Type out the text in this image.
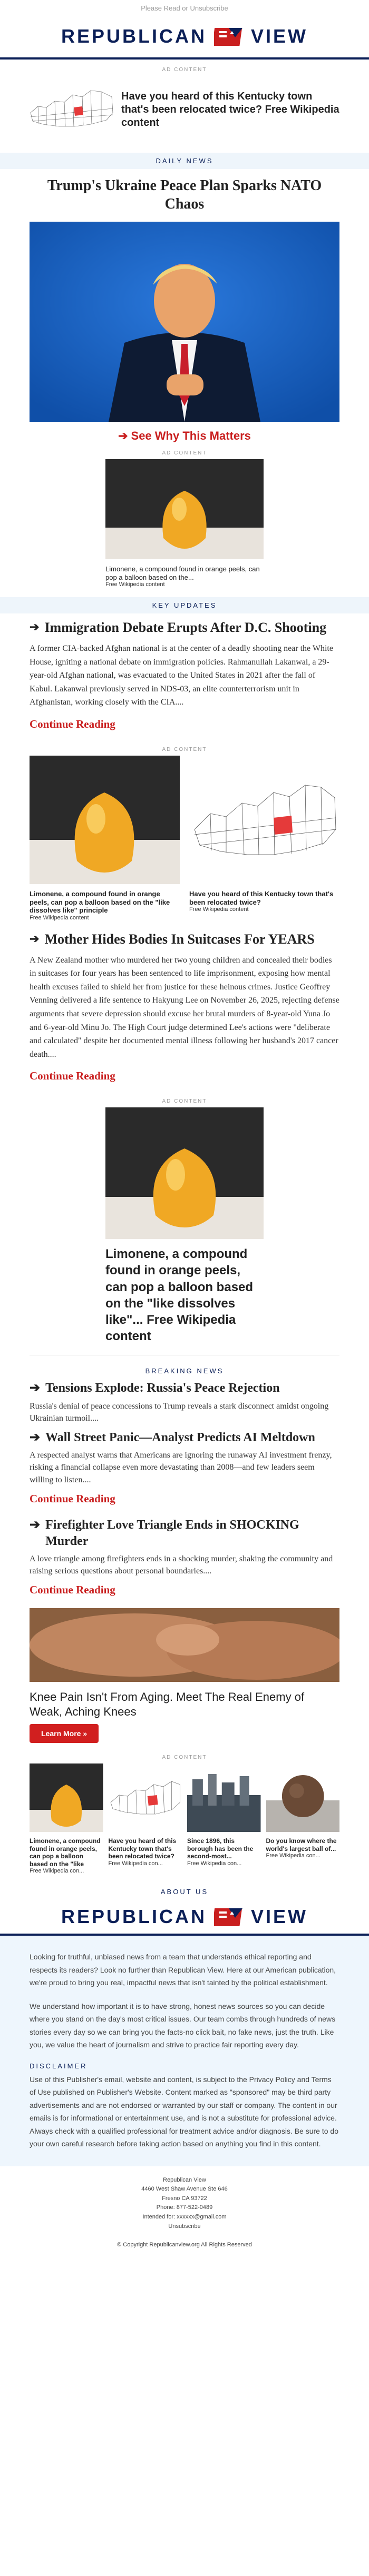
Please Read or Unsubscribe
REPUBLICAN VIEW
AD CONTENT
Have you heard of this Kentucky town that's been relocated twice? Free Wikipedia content
DAILY NEWS
Trump's Ukraine Peace Plan Sparks NATO Chaos
➔ See Why This Matters
AD CONTENT
Limonene, a compound found in orange peels, can pop a balloon based on the...
Free Wikipedia content
KEY UPDATES
➔ Immigration Debate Erupts After D.C. Shooting

A former CIA-backed Afghan national is at the center of a deadly shooting near the White House, igniting a national debate on immigration policies. Rahmanullah Lakanwal, a 29-year-old Afghan national, was evacuated to the United States in 2021 after the fall of Kabul. Lakanwal previously served in NDS-03, an elite counterterrorism unit in Afghanistan, working closely with the CIA....

Continue Reading
AD CONTENT
Limonene, a compound found in orange peels, can pop a balloon based on the "like dissolves like" principle
Free Wikipedia content
Have you heard of this Kentucky town that's been relocated twice?
Free Wikipedia content
➔ Mother Hides Bodies In Suitcases For YEARS

A New Zealand mother who murdered her two young children and concealed their bodies in suitcases for four years has been sentenced to life imprisonment, exposing how mental health excuses failed to shield her from justice for these heinous crimes. Justice Geoffrey Venning delivered a life sentence to Hakyung Lee on November 26, 2025, rejecting defense arguments that severe depression should excuse her brutal murders of 8-year-old Yuna Jo and 6-year-old Minu Jo. The High Court judge determined Lee's actions were "deliberate and calculated" despite her documented mental illness following her husband's 2017 cancer death....

Continue Reading
AD CONTENT
Limonene, a compound found in orange peels, can pop a balloon based on the "like dissolves like"... Free Wikipedia content
BREAKING NEWS
➔ Tensions Explode: Russia's Peace Rejection

Russia's denial of peace concessions to Trump reveals a stark disconnect amidst ongoing Ukrainian turmoil....

➔ Wall Street Panic—Analyst Predicts AI Meltdown

A respected analyst warns that Americans are ignoring the runaway AI investment frenzy, risking a financial collapse even more devastating than 2008—and few leaders seem willing to listen....

Continue Reading
➔ Firefighter Love Triangle Ends in SHOCKING Murder

A love triangle among firefighters ends in a shocking murder, shaking the community and raising serious questions about personal boundaries....

Continue Reading
Knee Pain Isn't From Aging. Meet The Real Enemy of Weak, Aching Knees
Learn More »
AD CONTENT
Limonene, a compound found in orange peels, can pop a balloon based on the "like
Free Wikipedia con...
Have you heard of this Kentucky town that's been relocated twice?
Free Wikipedia con...
Since 1896, this borough has been the second-most...
Free Wikipedia con...
Do you know where the world's largest ball of...
Free Wikipedia con...
ABOUT US
REPUBLICAN VIEW

Looking for truthful, unbiased news from a team that understands ethical reporting and respects its readers? Look no further than Republican View. Here at our American publication, we're proud to bring you real, impactful news that isn't tainted by the political establishment.

We understand how important it is to have strong, honest news sources so you can decide where you stand on the day's most critical issues. Our team combs through hundreds of news stories every day so we can bring you the facts-no click bait, no fake news, just the truth. Like you, we value the heart of journalism and strive to practice fair reporting every day.

DISCLAIMER

Use of this Publisher's email, website and content, is subject to the Privacy Policy and Terms of Use published on Publisher's Website. Content marked as "sponsored" may be third party advertisements and are not endorsed or warranted by our staff or company. The content in our emails is for informational or entertainment use, and is not a substitute for professional advice. Always check with a qualified professional for treatment advice and/or diagnosis. Be sure to do your own careful research before taking action based on anything you find in this content.

Republican View
4460 West Shaw Avenue Ste 646
Fresno CA 93722
Phone: 877-522-0489
Intended for: xxxxxx@gmail.com
Unsubscribe
© Copyright Republicanview.org All Rights Reserved
